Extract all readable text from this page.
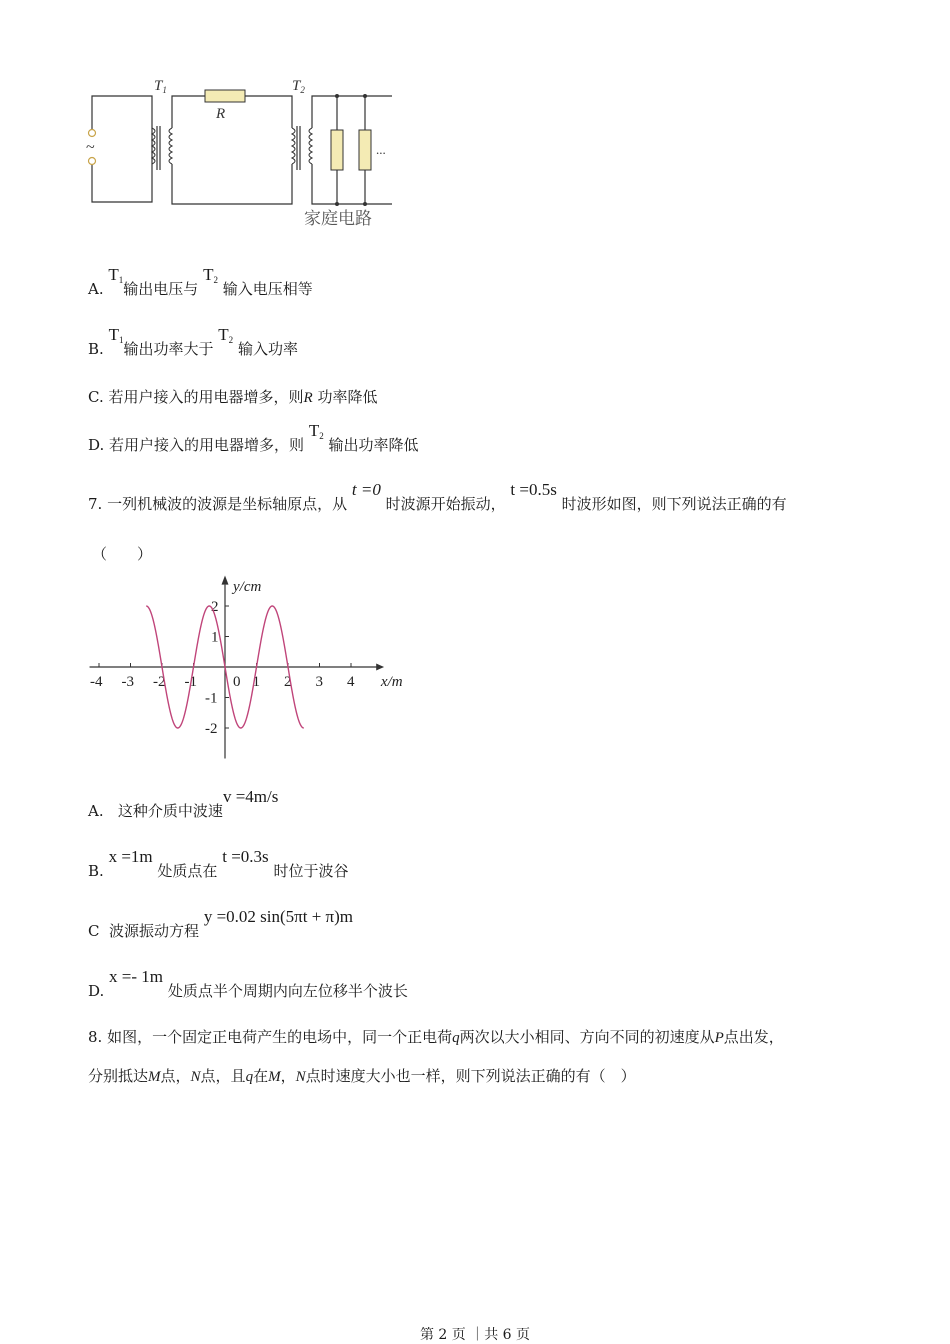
~
$T_1$
R
$T_2$
...
家庭电路
A. $T_1$输出电压与 $T_2$ 输入电压相等
B. $T_1$输出功率大于 $T_2$ 输入功率
C. 若用户接入的用电器增多，则R 功率降低
D. 若用户接入的用电器增多，则 $T_2$ 输出功率降低
7. 一列机械波的波源是坐标轴原点，从 t =0 时波源开始振动， t =0.5s 时波形如图，则下列说法正确的有
（　　）
-4 -3 -2 -1 0 1 2 3 4
2
1
-1
-2
x/m
y/cm
A. 这种介质中波速v =4m/s
B. x =1m 处质点在 t =0.3s 时位于波谷
C 波源振动方程 y =0.02 sin(5πt + π)m
D. x =- 1m 处质点半个周期内向左位移半个波长
8. 如图，一个固定正电荷产生的电场中，同一个正电荷q两次以大小相同、方向不同的初速度从P点出发，
分别抵达M点，N点，且q在M，N点时速度大小也一样，则下列说法正确的有（　）
第 2 页 ｜共 6 页
